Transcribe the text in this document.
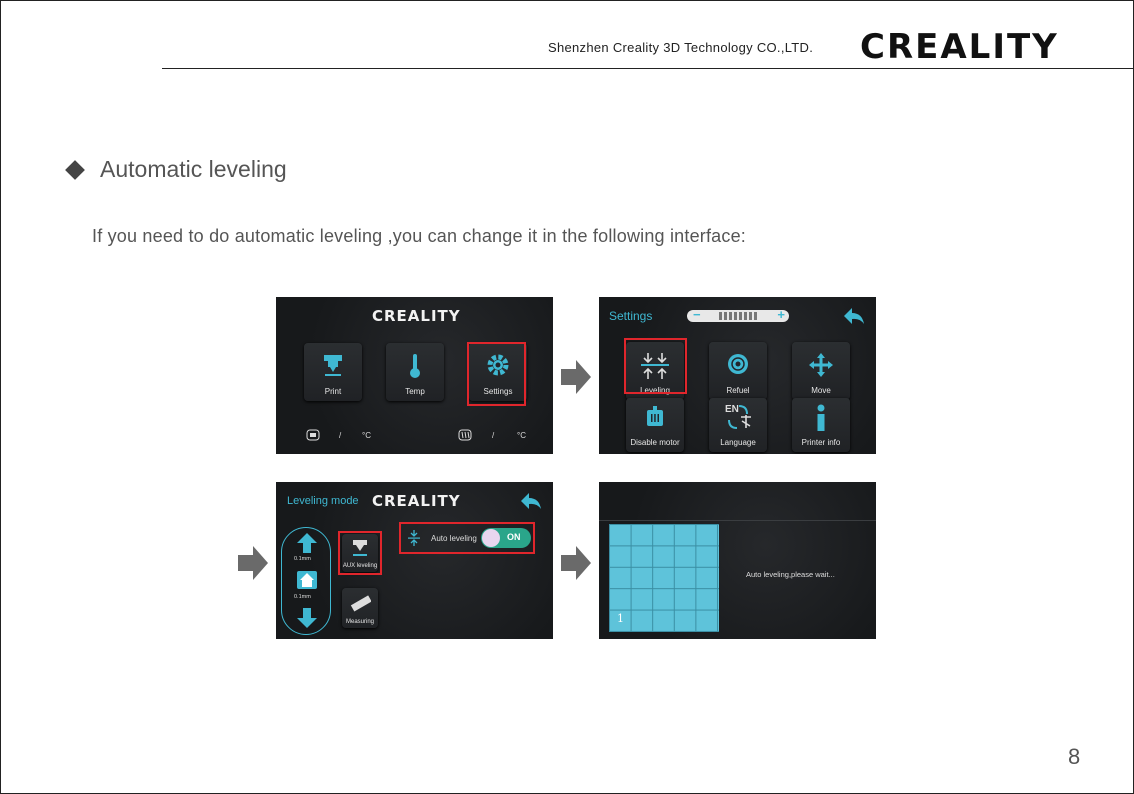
Shenzhen Creality 3D Technology CO.,LTD. CREALITY
Automatic leveling
If you need to do automatic leveling ,you can change it in the following interface:
CREALITY
Print	Temp	Settings
/	°C	/	°C
Settings	−	+
Leveling	Refuel	Move
Disable motor
EN
Language	Printer info
Leveling mode CREALITY
0.1mm
0.1mm
AUX leveling
Measuring
Auto leveling	ON
1
Auto leveling,please wait...
8
